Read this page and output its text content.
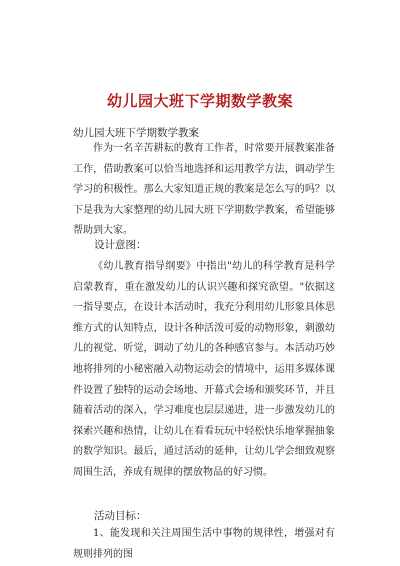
幼儿园大班下学期数学教案
幼儿园大班下学期数学教案

作为一名辛苦耕耘的教育工作者，时常要开展教案准备工作，借助教案可以恰当地选择和运用教学方法，调动学生学习的积极性。那么大家知道正规的教案是怎么写的吗？以下是我为大家整理的幼儿园大班下学期数学教案，希望能够帮助到大家。

设计意图：

《幼儿教育指导纲要》中指出"幼儿的科学教育是科学启蒙教育，重在激发幼儿的认识兴趣和探究欲望。"依据这一指导要点，在设计本活动时，我充分利用幼儿形象具体思维方式的认知特点，设计各种活泼可爱的动物形象，刺激幼儿的视觉、听觉，调动了幼儿的各种感官参与。本活动巧妙地将排列的小秘密融入动物运动会的情境中，运用多媒体课件设置了独特的运动会场地、开幕式会场和颁奖环节，并且随着活动的深入，学习难度也层层递进，进一步激发幼儿的探索兴趣和热情，让幼儿在看看玩玩中轻松快乐地掌握抽象的数学知识。最后，通过活动的延伸，让幼儿学会细致观察周围生活，养成有规律的摆放物品的好习惯。

活动目标：

1、能发现和关注周围生活中事物的规律性，增强对有规则排列的图
